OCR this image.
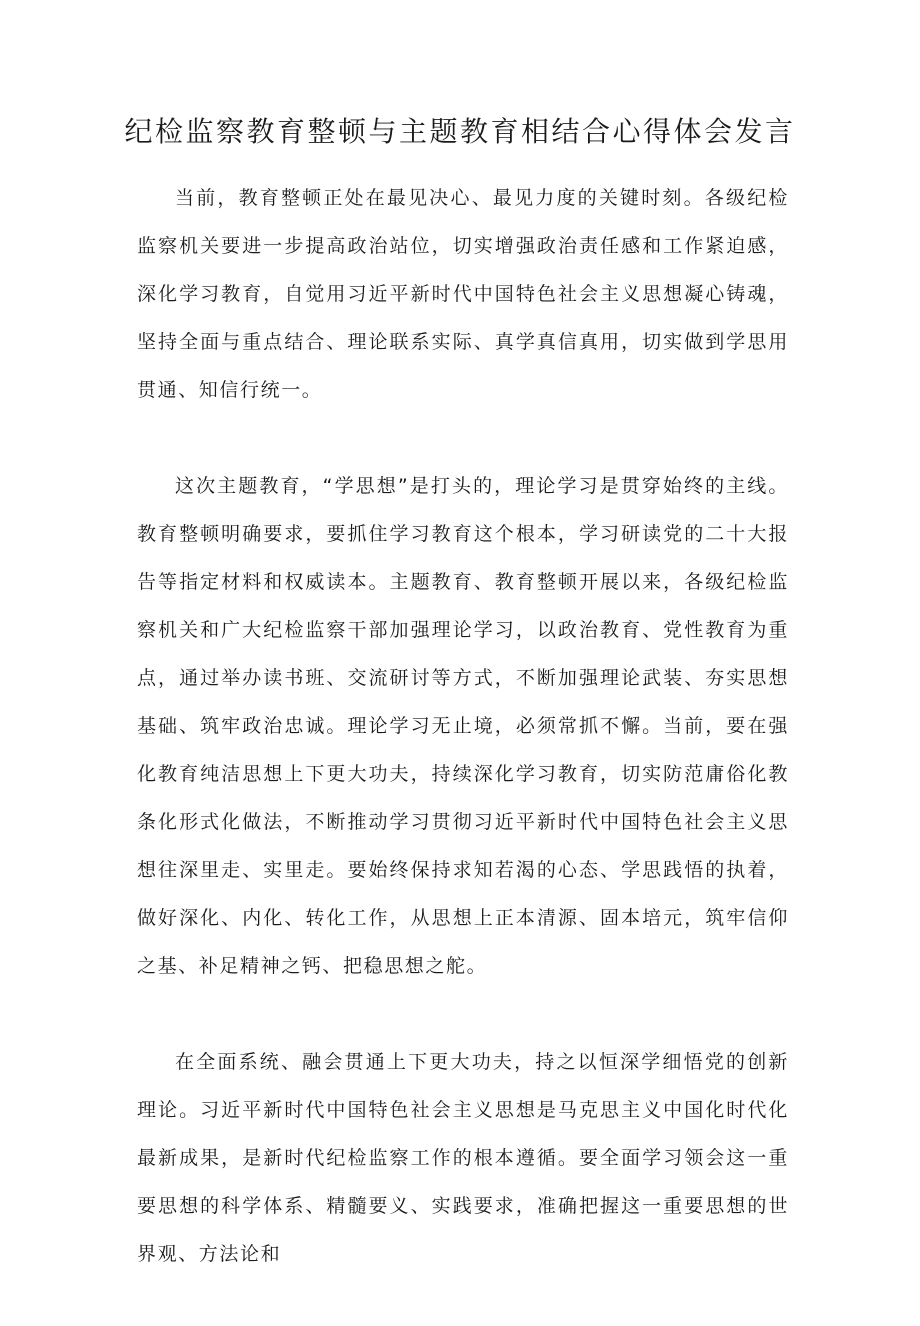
纪检监察教育整顿与主题教育相结合心得体会发言

当前，教育整顿正处在最见决心、最见力度的关键时刻。各级纪检监察机关要进一步提高政治站位，切实增强政治责任感和工作紧迫感，深化学习教育，自觉用习近平新时代中国特色社会主义思想凝心铸魂，坚持全面与重点结合、理论联系实际、真学真信真用，切实做到学思用贯通、知信行统一。

这次主题教育，“学思想”是打头的，理论学习是贯穿始终的主线。教育整顿明确要求，要抓住学习教育这个根本，学习研读党的二十大报告等指定材料和权威读本。主题教育、教育整顿开展以来，各级纪检监察机关和广大纪检监察干部加强理论学习，以政治教育、党性教育为重点，通过举办读书班、交流研讨等方式，不断加强理论武装、夯实思想基础、筑牢政治忠诚。理论学习无止境，必须常抓不懈。当前，要在强化教育纯洁思想上下更大功夫，持续深化学习教育，切实防范庸俗化教条化形式化做法，不断推动学习贯彻习近平新时代中国特色社会主义思想往深里走、实里走。要始终保持求知若渴的心态、学思践悟的执着，做好深化、内化、转化工作，从思想上正本清源、固本培元，筑牢信仰之基、补足精神之钙、把稳思想之舵。

在全面系统、融会贯通上下更大功夫，持之以恒深学细悟党的创新理论。习近平新时代中国特色社会主义思想是马克思主义中国化时代化最新成果，是新时代纪检监察工作的根本遵循。要全面学习领会这一重要思想的科学体系、精髓要义、实践要求，准确把握这一重要思想的世界观、方法论和
